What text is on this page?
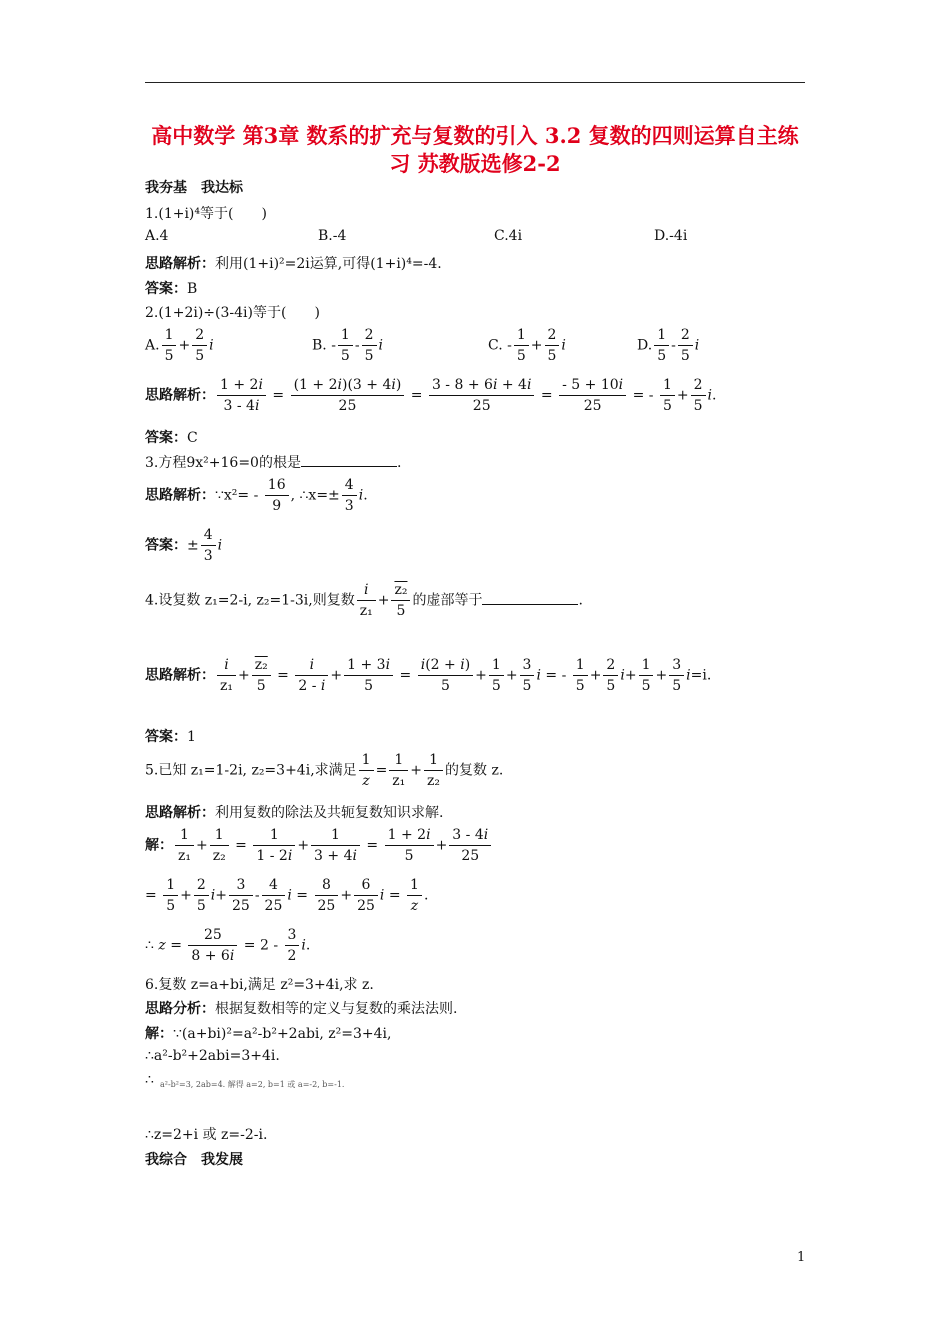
高中数学 第3章 数系的扩充与复数的引入 3.2 复数的四则运算自主练习 苏教版选修2-2
我夯基　我达标
1.(1+i)⁴等于(　　)
A.4	B.-4	C.4i	D.-4i
思路解析：利用(1+i)²=2i运算,可得(1+i)⁴=-4.
答案：B
2.(1+2i)÷(3-4i)等于(　　)
A. $\frac{1}{5} + \frac{2}{5}$ i	B. - $\frac{1}{5} - \frac{2}{5}$ i	C. - $\frac{1}{5} + \frac{2}{5}$ i	D. $\frac{1}{5} - \frac{2}{5}$ i
思路解析： $\frac{1 + 2i}{3 - 4i} = \frac{(1 + 2i)(3 + 4i)}{25} = \frac{3 - 8 + 6i + 4i}{25} = \frac{- 5 + 10i}{25}$ = - $\frac{1}{5} + \frac{2}{5} i$.
答案：C
3.方程9x²+16=0的根是	.
思路解析：∵x²= - $\frac{16}{9}$ , ∴x=± $\frac{4}{3} i$.
答案：± $\frac{4}{3}$ i
4.设复数 z₁=2-i, z₂=1-3i,则复数 $\frac{i}{\text{z₁}} + \frac{\text{z₂}}{5}$ 的虚部等于	.
思路解析： $\frac{i}{\text{z₁}} + \frac{\text{z₂}}{5} = \frac{i}{2 - i} + \frac{1 + 3i}{5} = \frac{i(2 + i)}{5} + \frac{1}{5} + \frac{3}{5}$ i = - $\frac{1}{5} + \frac{2}{5} i+ \frac{1}{5} + \frac{3}{5} i=i$.
答案：1
5.已知 z₁=1-2i, z₂=3+4i,求满足 $\frac{1}{z} = \frac{1}{\text{z₁}} + \frac{1}{\text{z₂}}$ 的复数 z.
思路解析：利用复数的除法及共轭复数知识求解.
解： $\frac{1}{\text{z₁}} + \frac{1}{\text{z₂}} = \frac{1}{1 - 2i} + \frac{1}{3 + 4i} = \frac{1 + 2i}{5} + \frac{3 - 4i}{25}$
= $\frac{1}{5} + \frac{2}{5} i+ \frac{3}{25} - \frac{4}{25}$ $i = \frac{8}{25} + \frac{6}{25}$ $i = \frac{1}{z}$ .
∴ $z = \frac{25}{8 + 6i} = 2 - \frac{3}{2} i$.
6.复数 z=a+bi,满足 z²=3+4i,求 z.
思路分析：根据复数相等的定义与复数的乘法法则.
解：∵(a+bi)²=a²-b²+2abi, z²=3+4i,
∴a²-b²+2abi=3+4i.
∴ a²-b²=3, 2ab=4. 解得 a=2, b=1 或 a=-2, b=-1.
∴z=2+i 或 z=-2-i.
我综合　我发展
1
